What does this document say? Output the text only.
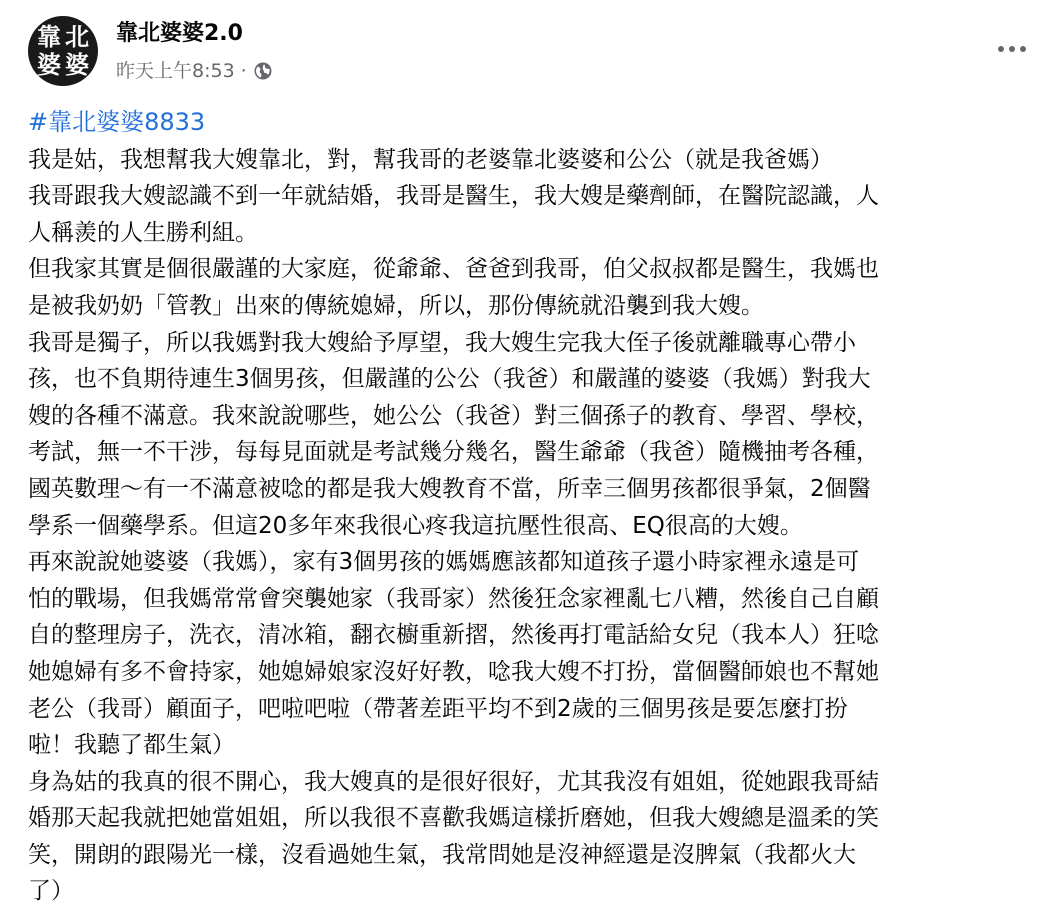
靠 北
婆 婆
靠北婆婆2.0
昨天上午8:53 ·

#靠北婆婆8833

我是姑，我想幫我大嫂靠北，對，幫我哥的老婆靠北婆婆和公公（就是我爸媽）

我哥跟我大嫂認識不到一年就結婚，我哥是醫生，我大嫂是藥劑師，在醫院認識，人

人稱羨的人生勝利組。

但我家其實是個很嚴謹的大家庭，從爺爺、爸爸到我哥，伯父叔叔都是醫生，我媽也

是被我奶奶「管教」出來的傳統媳婦，所以，那份傳統就沿襲到我大嫂。

我哥是獨子，所以我媽對我大嫂給予厚望，我大嫂生完我大侄子後就離職專心帶小

孩，也不負期待連生3個男孩，但嚴謹的公公（我爸）和嚴謹的婆婆（我媽）對我大

嫂的各種不滿意。我來說說哪些，她公公（我爸）對三個孫子的教育、學習、學校，

考試，無一不干涉，每每見面就是考試幾分幾名，醫生爺爺（我爸）隨機抽考各種，

國英數理～有一不滿意被唸的都是我大嫂教育不當，所幸三個男孩都很爭氣，2個醫

學系一個藥學系。但這20多年來我很心疼我這抗壓性很高、EQ很高的大嫂。

再來說說她婆婆（我媽），家有3個男孩的媽媽應該都知道孩子還小時家裡永遠是可

怕的戰場，但我媽常常會突襲她家（我哥家）然後狂念家裡亂七八糟，然後自己自顧

自的整理房子，洗衣，清冰箱，翻衣櫥重新摺，然後再打電話給女兒（我本人）狂唸

她媳婦有多不會持家，她媳婦娘家沒好好教，唸我大嫂不打扮，當個醫師娘也不幫她

老公（我哥）顧面子，吧啦吧啦（帶著差距平均不到2歲的三個男孩是要怎麼打扮

啦！我聽了都生氣）

身為姑的我真的很不開心，我大嫂真的是很好很好，尤其我沒有姐姐，從她跟我哥結

婚那天起我就把她當姐姐，所以我很不喜歡我媽這樣折磨她，但我大嫂總是溫柔的笑

笑，開朗的跟陽光一樣，沒看過她生氣，我常問她是沒神經還是沒脾氣（我都火大

了）
